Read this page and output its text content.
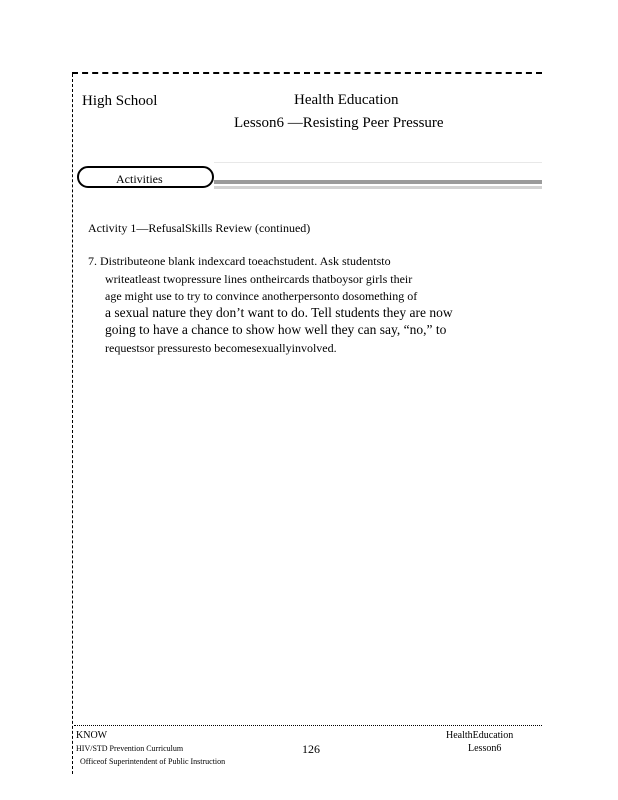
High School	Health Education
Lesson6 —Resisting Peer Pressure
Activities
Activity 1—RefusalSkills Review (continued)
7. Distributeone blank indexcard toeachstudent. Ask studentsto
writeatleast twopressure lines ontheircards thatboysor girls their
age might use to try to convince anotherpersonto dosomething of
a sexual nature they don’t want to do. Tell students they are now
going to have a chance to show how well they can say, “no,” to
requestsor pressuresto becomesexuallyinvolved.
KNOW
HIV/STD Prevention Curriculum
Officeof Superintendent of Public Instruction
126
HealthEducation
Lesson6
